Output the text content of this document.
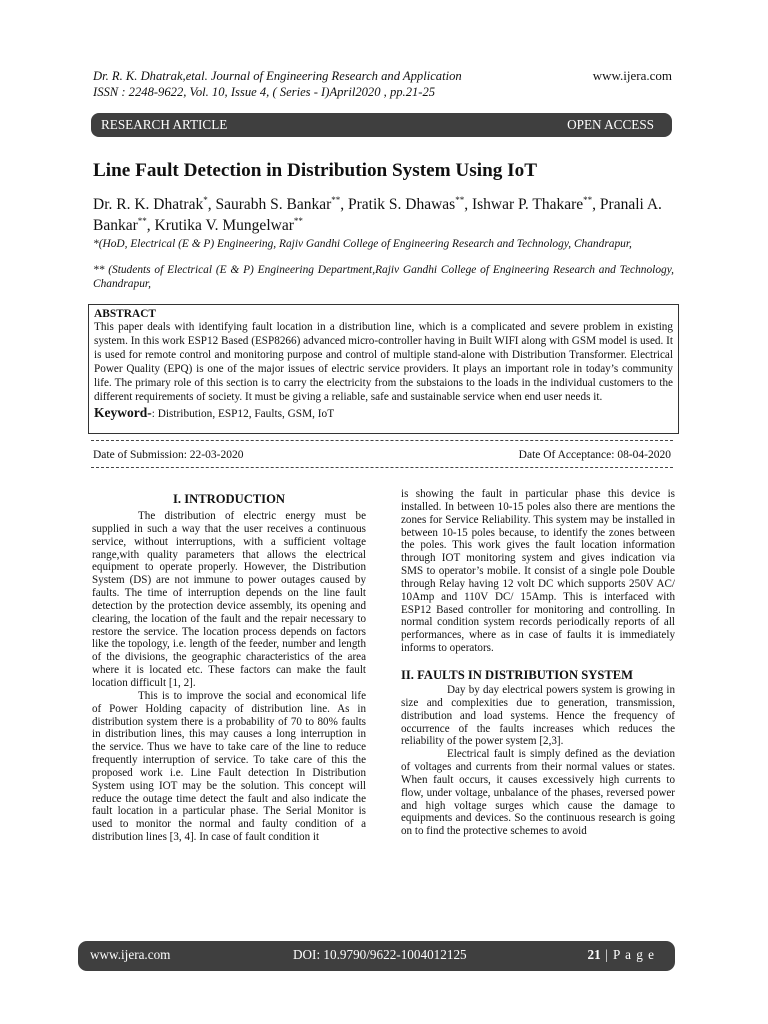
Dr. R. K. Dhatrak,etal. Journal of Engineering Research and Application
ISSN : 2248-9622, Vol. 10, Issue 4, ( Series - I)April2020 , pp.21-25
www.ijera.com
RESEARCH ARTICLE	OPEN ACCESS
Line Fault Detection in Distribution System Using IoT
Dr. R. K. Dhatrak*, Saurabh S. Bankar**, Pratik S. Dhawas**, Ishwar P. Thakare**, Pranali A. Bankar**, Krutika V. Mungelwar**
*(HoD, Electrical (E & P) Engineering, Rajiv Gandhi College of Engineering Research and Technology, Chandrapur,
** (Students of Electrical (E & P) Engineering Department,Rajiv Gandhi College of Engineering Research and Technology, Chandrapur,
ABSTRACT
This paper deals with identifying fault location in a distribution line, which is a complicated and severe problem in existing system. In this work ESP12 Based (ESP8266) advanced micro-controller having in Built WIFI along with GSM model is used. It is used for remote control and monitoring purpose and control of multiple stand-alone with Distribution Transformer. Electrical Power Quality (EPQ) is one of the major issues of electric service providers. It plays an important role in today’s community life. The primary role of this section is to carry the electricity from the substaions to the loads in the individual customers to the different requirements of society. It must be giving a reliable, safe and sustainable service when end user needs it.
Keyword-: Distribution, ESP12, Faults, GSM, IoT
Date of Submission: 22-03-2020	Date Of Acceptance: 08-04-2020
I. INTRODUCTION

The distribution of electric energy must be supplied in such a way that the user receives a continuous service, without interruptions, with a sufficient voltage range,with quality parameters that allows the electrical equipment to operate properly. However, the Distribution System (DS) are not immune to power outages caused by faults. The time of interruption depends on the line fault detection by the protection device assembly, its opening and clearing, the location of the fault and the repair necessary to restore the service. The location process depends on factors like the topology, i.e. length of the feeder, number and length of the divisions, the geographic characteristics of the area where it is located etc. These factors can make the fault location difficult [1, 2].

This is to improve the social and economical life of Power Holding capacity of distribution line. As in distribution system there is a probability of 70 to 80% faults in distribution lines, this may causes a long interruption in the service. Thus we have to take care of the line to reduce frequently interruption of service. To take care of this the proposed work i.e. Line Fault detection In Distribution System using IOT may be the solution. This concept will reduce the outage time detect the fault and also indicate the fault location in a particular phase. The Serial Monitor is used to monitor the normal and faulty condition of a distribution lines [3, 4]. In case of fault condition it

is showing the fault in particular phase this device is installed. In between 10-15 poles also there are mentions the zones for Service Reliability. This system may be installed in between 10-15 poles because, to identify the zones between the poles. This work gives the fault location information through IOT monitoring system and gives indication via SMS to operator’s mobile. It consist of a single pole Double through Relay having 12 volt DC which supports 250V AC/ 10Amp and 110V DC/ 15Amp. This is interfaced with ESP12 Based controller for monitoring and controlling. In normal condition system records periodically reports of all performances, where as in case of faults it is immediately informs to operators.

II. FAULTS IN DISTRIBUTION SYSTEM

Day by day electrical powers system is growing in size and complexities due to generation, transmission, distribution and load systems. Hence the frequency of occurrence of the faults increases which reduces the reliability of the power system [2,3].

Electrical fault is simply defined as the deviation of voltages and currents from their normal values or states. When fault occurs, it causes excessively high currents to flow, under voltage, unbalance of the phases, reversed power and high voltage surges which cause the damage to equipments and devices. So the continuous research is going on to find the protective schemes to avoid

www.ijera.com	DOI: 10.9790/9622-1004012125	21 | P a g e
